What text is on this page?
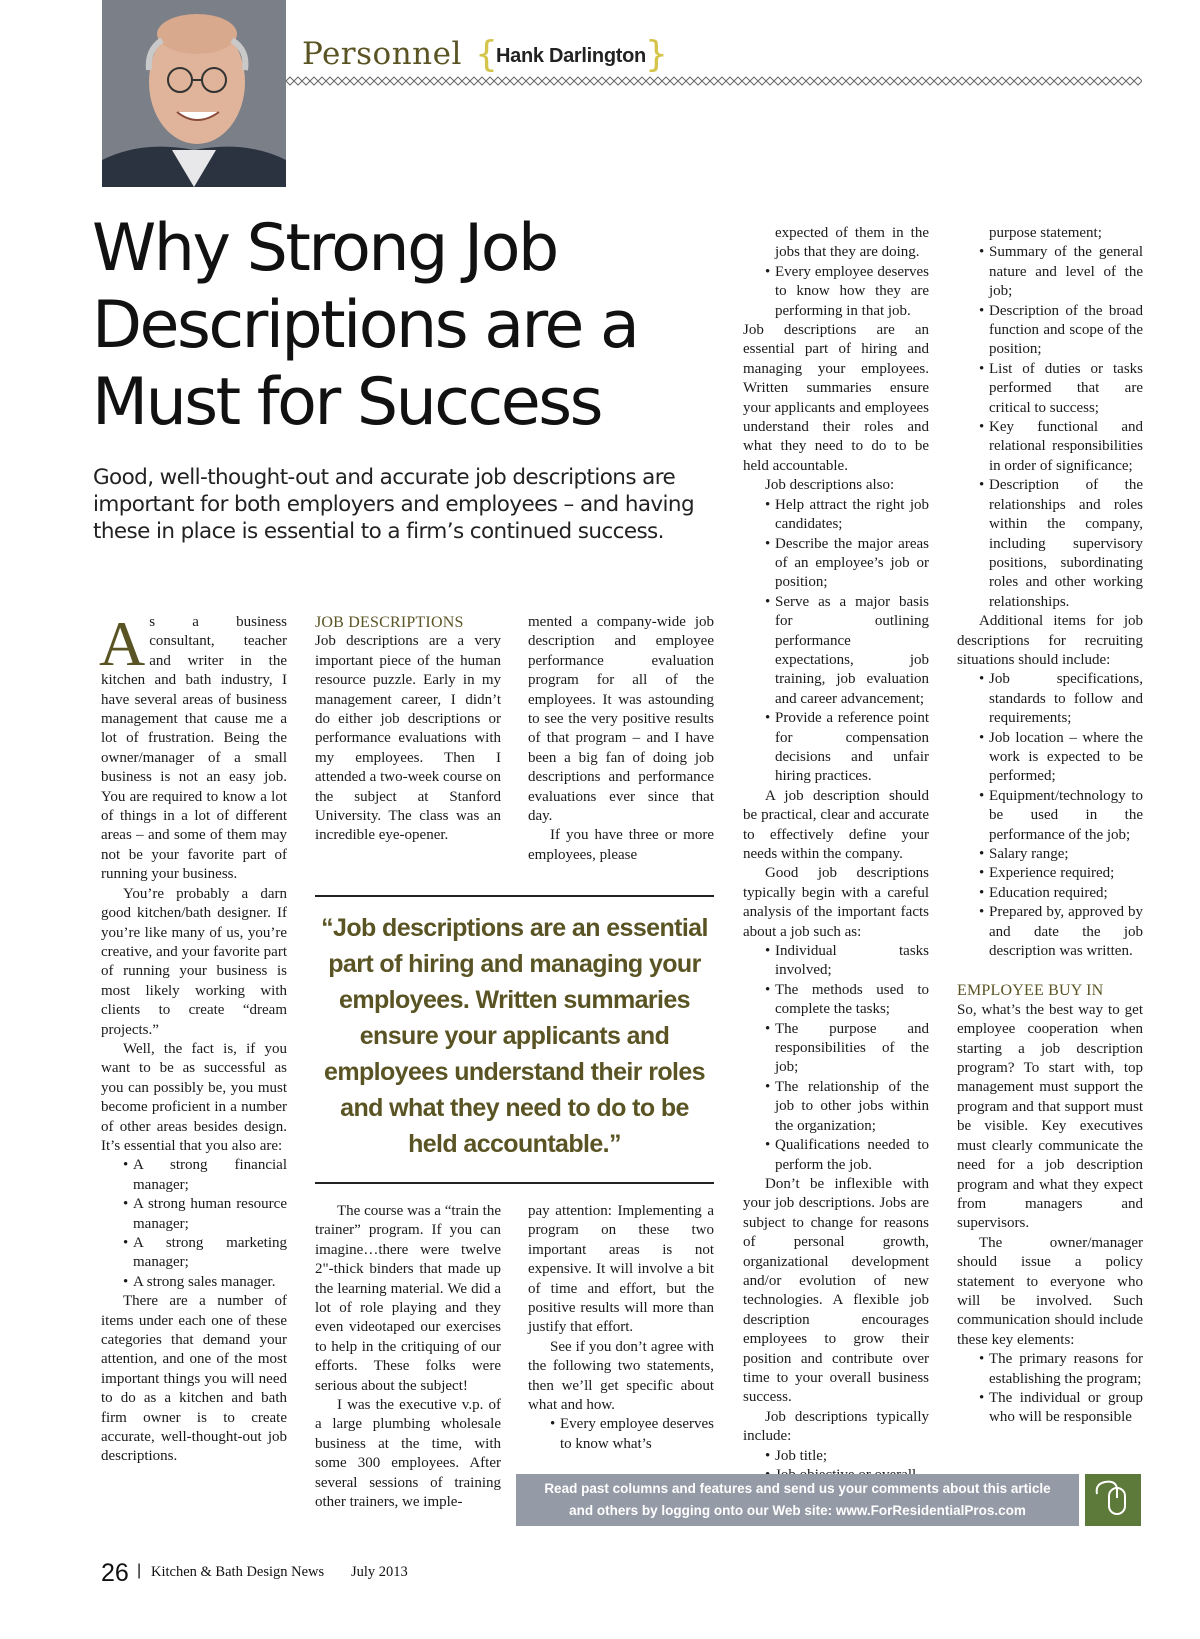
Personnel {
Hank Darlington }
Why Strong Job Descriptions are a Must for Success

Good, well-thought-out and accurate job descriptions are important for both employers and employees – and having these in place is essential to a firm’s continued success.

As a business consultant, teacher and writer in the kitchen and bath industry, I have several areas of business management that cause me a lot of frustration. Being the owner/manager of a small business is not an easy job. You are required to know a lot of things in a lot of different areas – and some of them may not be your favorite part of running your business.

You’re probably a darn good kitchen/bath designer. If you’re like many of us, you’re creative, and your favorite part of running your business is most likely working with clients to create “dream projects.”

Well, the fact is, if you want to be as successful as you can possibly be, you must become proficient in a number of other areas besides design. It’s essential that you also are:

• A strong financial manager;
• A strong human resource manager;
• A strong marketing manager;
• A strong sales manager.

There are a number of items under each one of these categories that demand your attention, and one of the most important things you will need to do as a kitchen and bath firm owner is to create accurate, well-thought-out job descriptions.

JOB DESCRIPTIONS

Job descriptions are a very important piece of the human resource puzzle. Early in my management career, I didn’t do either job descriptions or performance evaluations with my employees. Then I attended a two-week course on the subject at Stanford University. The class was an incredible eye-opener.

mented a company-wide job description and employee performance evaluation program for all of the employees. It was astounding to see the very positive results of that program – and I have been a big fan of doing job descriptions and performance evaluations ever since that day.

If you have three or more employees, please

“Job descriptions are an essential part of hiring and managing your employees. Written summaries ensure your applicants and employees understand their roles and what they need to do to be held accountable.”

The course was a “train the trainer” program. If you can imagine…there were twelve 2"-thick binders that made up the learning material. We did a lot of role playing and they even videotaped our exercises to help in the critiquing of our efforts. These folks were serious about the subject!

I was the executive v.p. of a large plumbing wholesale business at the time, with some 300 employees. After several sessions of training other trainers, we imple-

pay attention: Implementing a program on these two important areas is not expensive. It will involve a bit of time and effort, but the positive results will more than justify that effort.

See if you don’t agree with the following two statements, then we’ll get specific about what and how.

• Every employee deserves to know what’s

expected of them in the jobs that they are doing.

• Every employee deserves to know how they are performing in that job.

Job descriptions are an essential part of hiring and managing your employees. Written summaries ensure your applicants and employees understand their roles and what they need to do to be held accountable.

Job descriptions also:

• Help attract the right job candidates;
• Describe the major areas of an employee’s job or position;
• Serve as a major basis for outlining performance expectations, job training, job evaluation and career advancement;
• Provide a reference point for compensation decisions and unfair hiring practices.

A job description should be practical, clear and accurate to effectively define your needs within the company.

Good job descriptions typically begin with a careful analysis of the important facts about a job such as:

• Individual tasks involved;
• The methods used to complete the tasks;
• The purpose and responsibilities of the job;
• The relationship of the job to other jobs within the organization;
• Qualifications needed to perform the job.

Don’t be inflexible with your job descriptions. Jobs are subject to change for reasons of personal growth, organizational development and/or evolution of new technologies. A flexible job description encourages employees to grow their position and contribute over time to your overall business success.

Job descriptions typically include:

• Job title;
•

purpose statement;

• Summary of the general nature and level of the job;
• Description of the broad function and scope of the position;
• List of duties or tasks performed that are critical to success;
• Key functional and relational responsibilities in order of significance;
• Description of the relationships and roles within the company, including supervisory positions, subordinating roles and other working relationships.

Additional items for job descriptions for recruiting situations should include:

• Job specifications, standards to follow and requirements;
• Job location – where the work is expected to be performed;
• Equipment/technology to be used in the performance of the job;
• Salary range;
• Experience required;
• Education required;
• Prepared by, approved by and date the job description was written.
EMPLOYEE BUY IN

So, what’s the best way to get employee cooperation when starting a job description program? To start with, top management must support the program and that support must be visible. Key executives must clearly communicate the need for a job description program and what they expect from managers and supervisors.

The owner/manager should issue a policy statement to everyone who will be involved. Such communication should include these key elements:

• The primary reasons for establishing the program;
• The individual or group who will be responsible
Read past columns and features and send us your comments about this article
and others by logging onto our Web site: www.ForResidentialPros.com
26 | Kitchen & Bath Design News July 2013
